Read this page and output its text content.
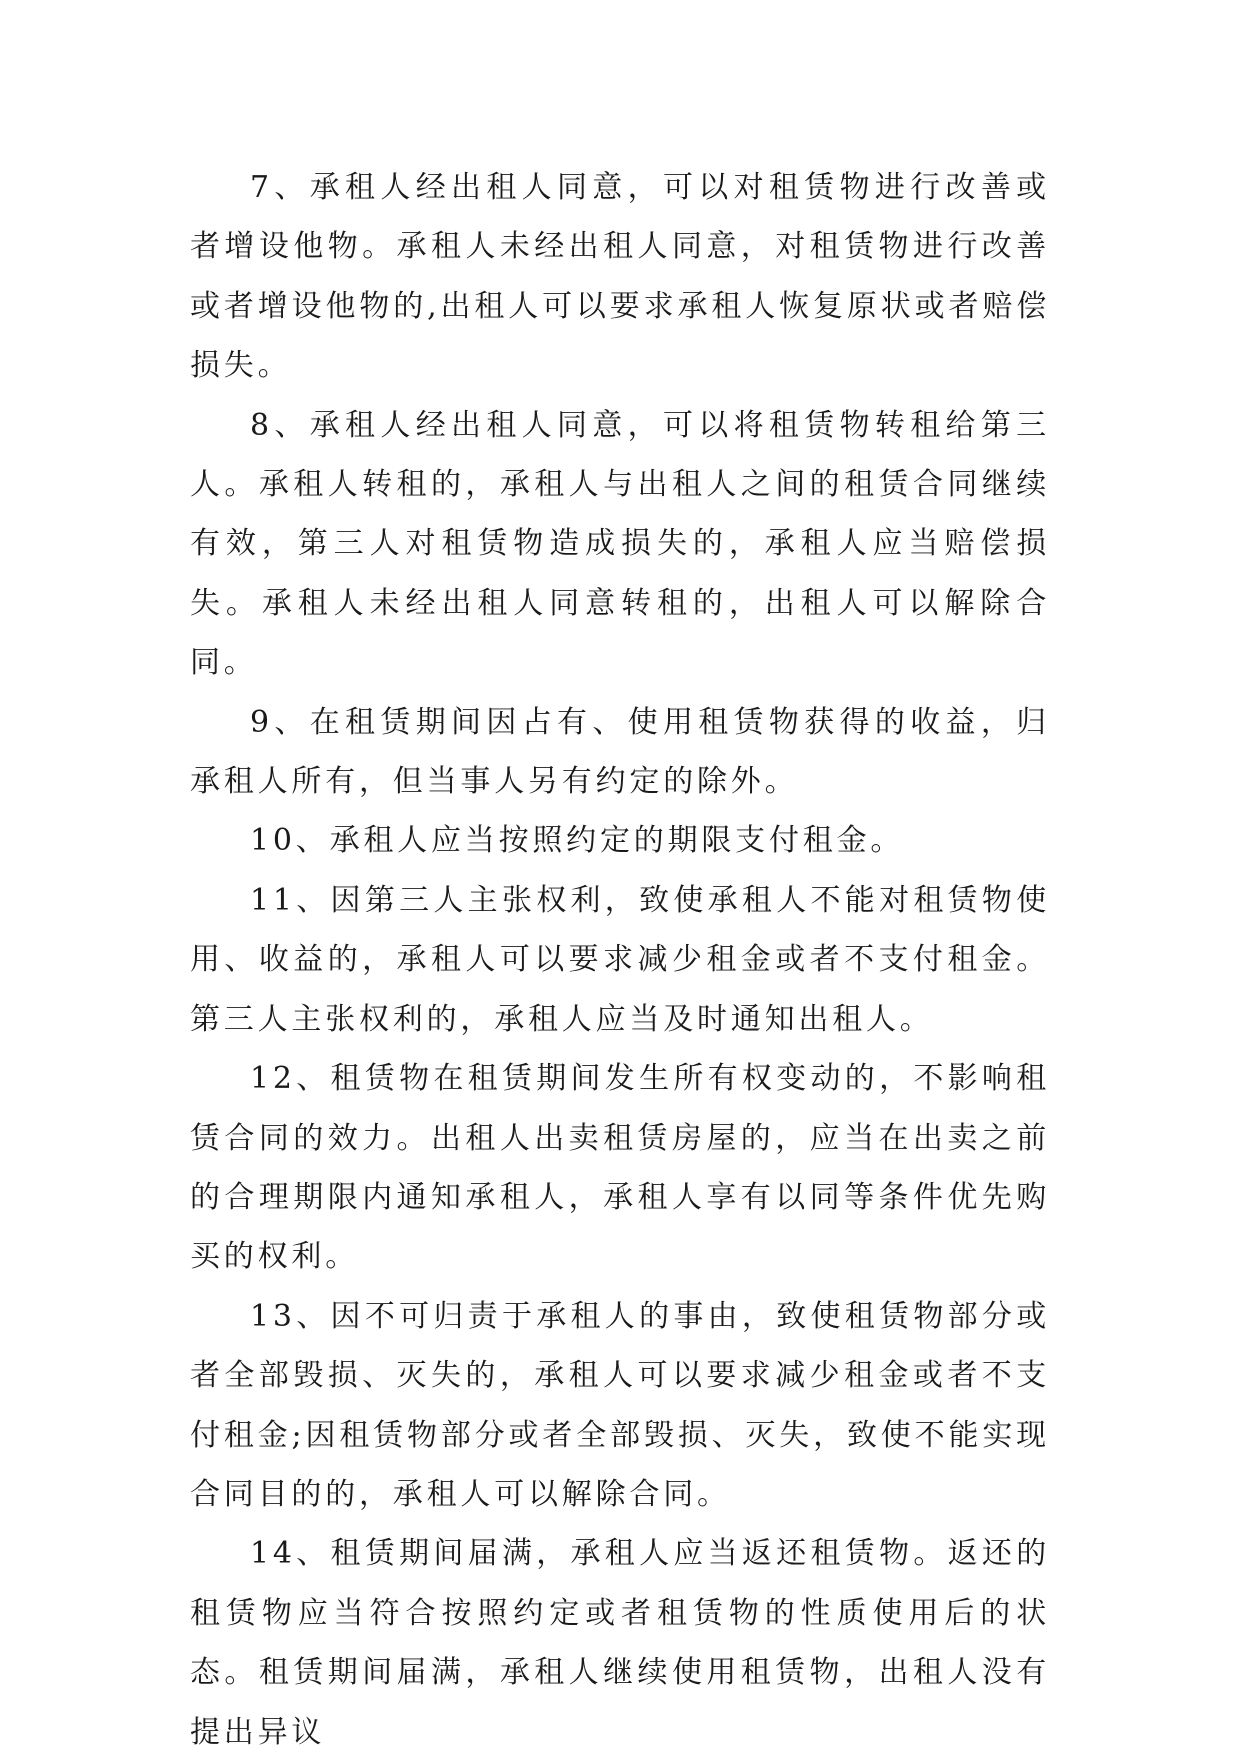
7、承租人经出租人同意，可以对租赁物进行改善或者增设他物。承租人未经出租人同意，对租赁物进行改善或者增设他物的,出租人可以要求承租人恢复原状或者赔偿损失。

8、承租人经出租人同意，可以将租赁物转租给第三人。承租人转租的，承租人与出租人之间的租赁合同继续有效，第三人对租赁物造成损失的，承租人应当赔偿损失。承租人未经出租人同意转租的，出租人可以解除合同。

9、在租赁期间因占有、使用租赁物获得的收益，归承租人所有，但当事人另有约定的除外。

10、承租人应当按照约定的期限支付租金。

11、因第三人主张权利，致使承租人不能对租赁物使用、收益的，承租人可以要求减少租金或者不支付租金。第三人主张权利的，承租人应当及时通知出租人。

12、租赁物在租赁期间发生所有权变动的，不影响租赁合同的效力。出租人出卖租赁房屋的，应当在出卖之前的合理期限内通知承租人，承租人享有以同等条件优先购买的权利。

13、因不可归责于承租人的事由，致使租赁物部分或者全部毁损、灭失的，承租人可以要求减少租金或者不支付租金;因租赁物部分或者全部毁损、灭失，致使不能实现合同目的的，承租人可以解除合同。

14、租赁期间届满，承租人应当返还租赁物。返还的租赁物应当符合按照约定或者租赁物的性质使用后的状态。租赁期间届满，承租人继续使用租赁物，出租人没有提出异议
